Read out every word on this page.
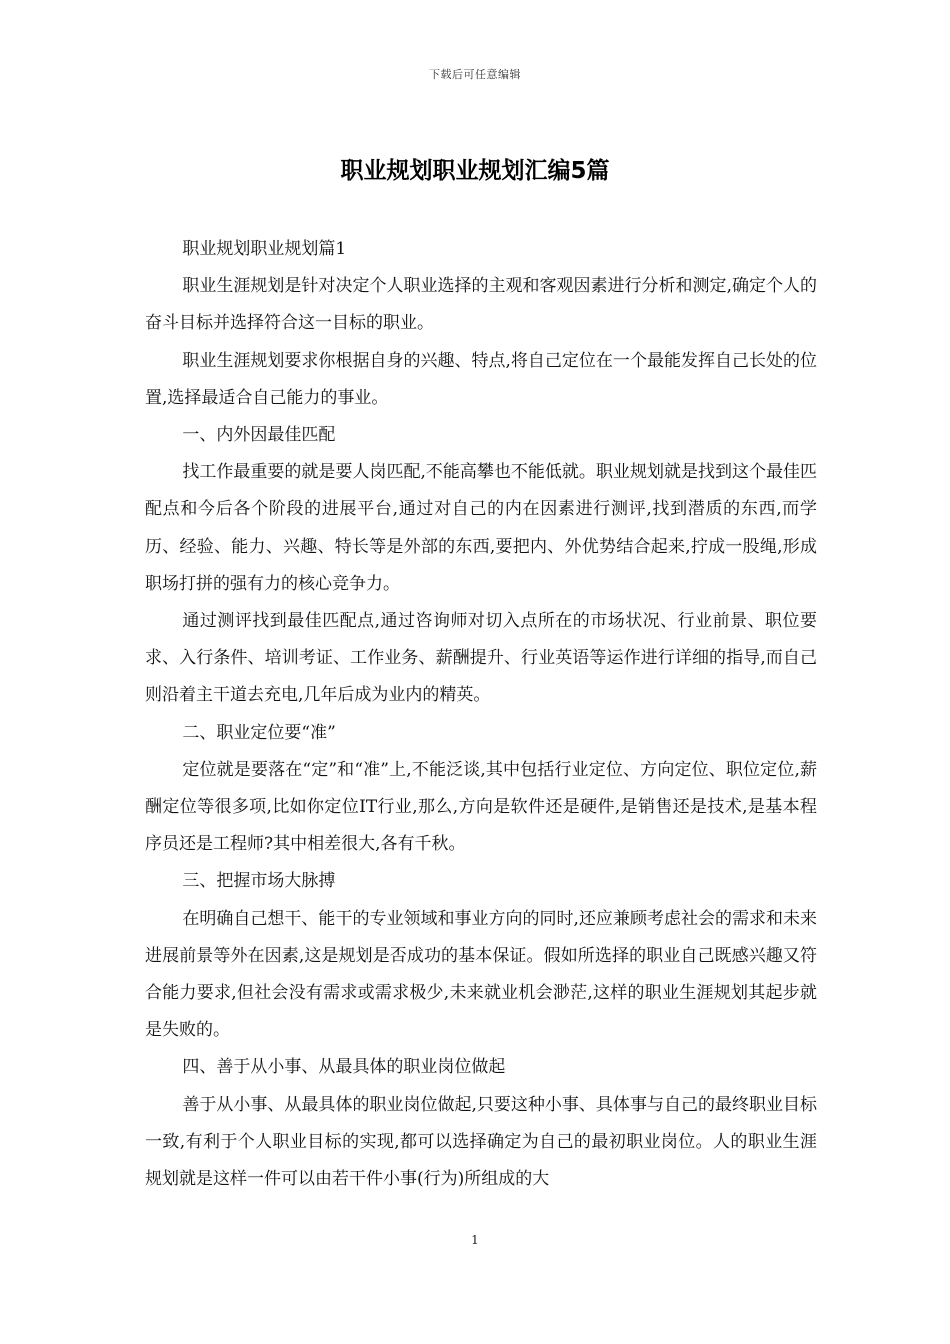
下载后可任意编辑
职业规划职业规划汇编5篇

职业规划职业规划篇1

职业生涯规划是针对决定个人职业选择的主观和客观因素进行分析和测定,确定个人的奋斗目标并选择符合这一目标的职业。

职业生涯规划要求你根据自身的兴趣、特点,将自己定位在一个最能发挥自己长处的位置,选择最适合自己能力的事业。

一、内外因最佳匹配

找工作最重要的就是要人岗匹配,不能高攀也不能低就。职业规划就是找到这个最佳匹配点和今后各个阶段的进展平台,通过对自己的内在因素进行测评,找到潜质的东西,而学历、经验、能力、兴趣、特长等是外部的东西,要把内、外优势结合起来,拧成一股绳,形成职场打拼的强有力的核心竞争力。

通过测评找到最佳匹配点,通过咨询师对切入点所在的市场状况、行业前景、职位要求、入行条件、培训考证、工作业务、薪酬提升、行业英语等运作进行详细的指导,而自己则沿着主干道去充电,几年后成为业内的精英。

二、职业定位要“准”

定位就是要落在“定”和“准”上,不能泛谈,其中包括行业定位、方向定位、职位定位,薪酬定位等很多项,比如你定位IT行业,那么,方向是软件还是硬件,是销售还是技术,是基本程序员还是工程师?其中相差很大,各有千秋。

三、把握市场大脉搏

在明确自己想干、能干的专业领域和事业方向的同时,还应兼顾考虑社会的需求和未来进展前景等外在因素,这是规划是否成功的基本保证。假如所选择的职业自己既感兴趣又符合能力要求,但社会没有需求或需求极少,未来就业机会渺茫,这样的职业生涯规划其起步就是失败的。

四、善于从小事、从最具体的职业岗位做起

善于从小事、从最具体的职业岗位做起,只要这种小事、具体事与自己的最终职业目标一致,有利于个人职业目标的实现,都可以选择确定为自己的最初职业岗位。人的职业生涯规划就是这样一件可以由若干件小事(行为)所组成的大

1
